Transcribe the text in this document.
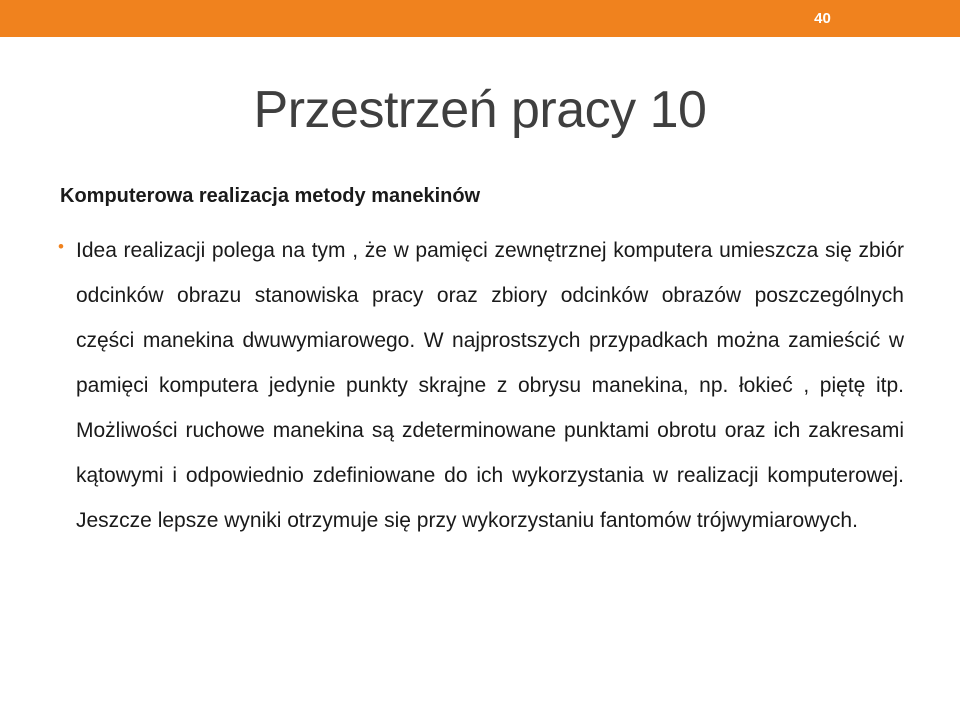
40
Przestrzeń pracy 10
Komputerowa realizacja metody manekinów
• Idea realizacji polega na tym , że w pamięci zewnętrznej komputera umieszcza się zbiór odcinków obrazu stanowiska pracy oraz zbiory odcinków obrazów poszczególnych części manekina dwuwymiarowego. W najprostszych przypadkach można zamieścić w pamięci komputera jedynie punkty skrajne z obrysu manekina, np. łokieć , piętę itp. Możliwości ruchowe manekina są zdeterminowane punktami obrotu oraz ich zakresami kątowymi i odpowiednio zdefiniowane do ich wykorzystania w realizacji komputerowej. Jeszcze lepsze wyniki otrzymuje się przy wykorzystaniu fantomów trójwymiarowych.
